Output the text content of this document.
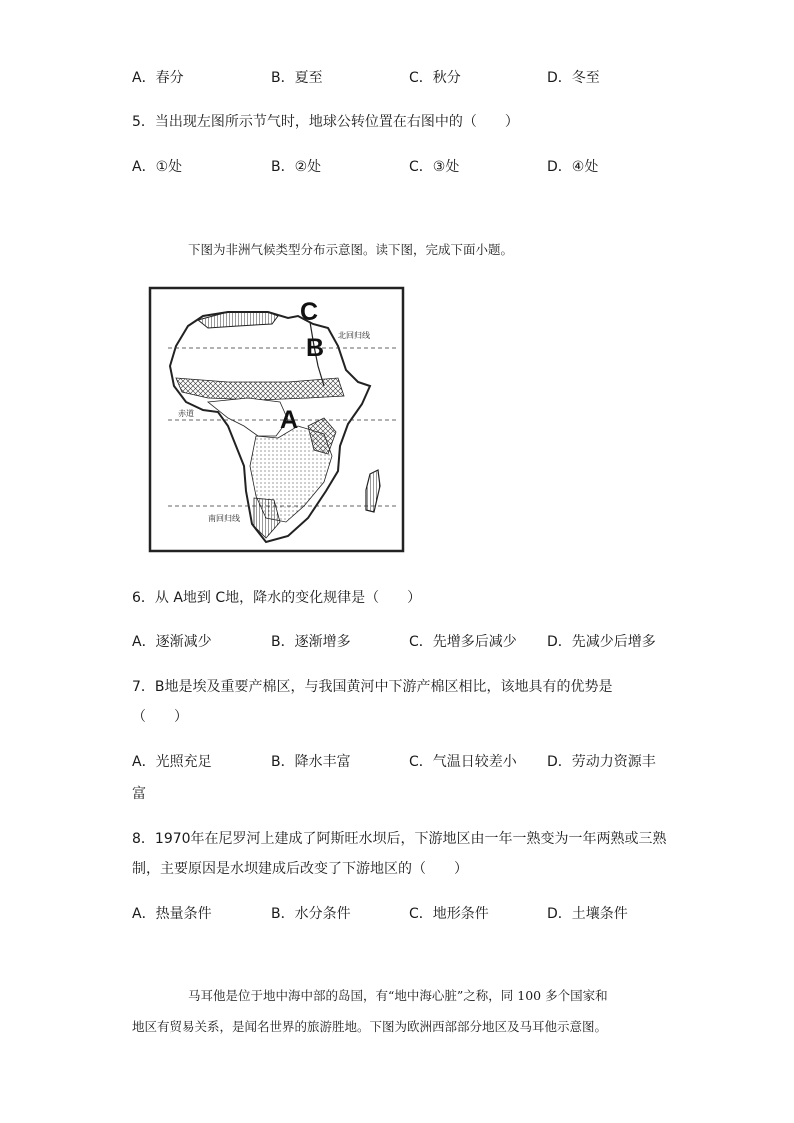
A．春分	B．夏至	C．秋分	D．冬至
5．当出现左图所示节气时，地球公转位置在右图中的（　　）
A．①处	B．②处	C．③处	D．④处
下图为非洲气候类型分布示意图。读下图，完成下面小题。
北回归线
赤道
南回归线
C
B
A
6．从 A地到 C地，降水的变化规律是（　　）
A．逐渐减少	B．逐渐增多	C．先增多后减少 D．先减少后增多
7．B地是埃及重要产棉区，与我国黄河中下游产棉区相比，该地具有的优势是
（　　）
A．光照充足	B．降水丰富	C．气温日较差小 D．劳动力资源丰
富
8．1970年在尼罗河上建成了阿斯旺水坝后，下游地区由一年一熟变为一年两熟或三熟
制，主要原因是水坝建成后改变了下游地区的（　　）
A．热量条件	B．水分条件	C．地形条件	D．土壤条件
马耳他是位于地中海中部的岛国，有“地中海心脏”之称，同 100 多个国家和
地区有贸易关系，是闻名世界的旅游胜地。下图为欧洲西部部分地区及马耳他示意图。
